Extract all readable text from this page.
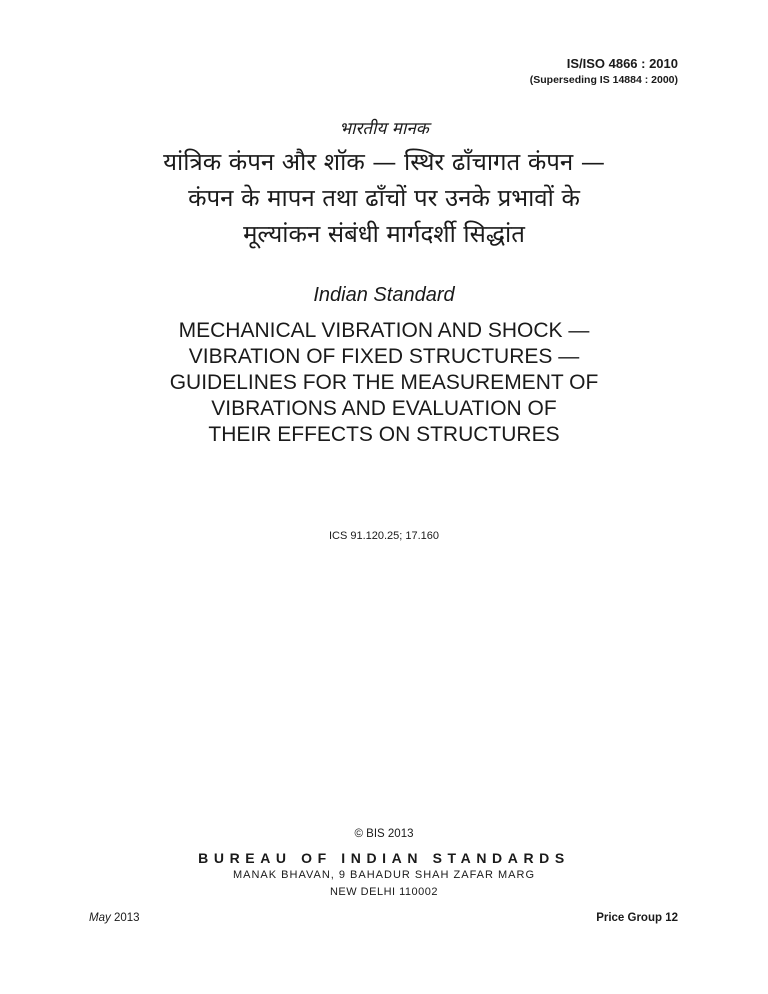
IS/ISO 4866 : 2010
(Superseding IS 14884 : 2000)
भारतीय मानक
यांत्रिक कंपन और शॉक — स्थिर ढाँचागत कंपन —
कंपन के मापन तथा ढाँचों पर उनके प्रभावों के
मूल्यांकन संबंधी मार्गदर्शी सिद्धांत
Indian Standard
MECHANICAL VIBRATION AND SHOCK —
VIBRATION OF FIXED STRUCTURES —
GUIDELINES FOR THE MEASUREMENT OF
VIBRATIONS AND EVALUATION OF
THEIR EFFECTS ON STRUCTURES
ICS 91.120.25; 17.160
© BIS 2013
BUREAU OF INDIAN STANDARDS
MANAK BHAVAN, 9 BAHADUR SHAH ZAFAR MARG
NEW DELHI 110002
May 2013	Price Group 12
